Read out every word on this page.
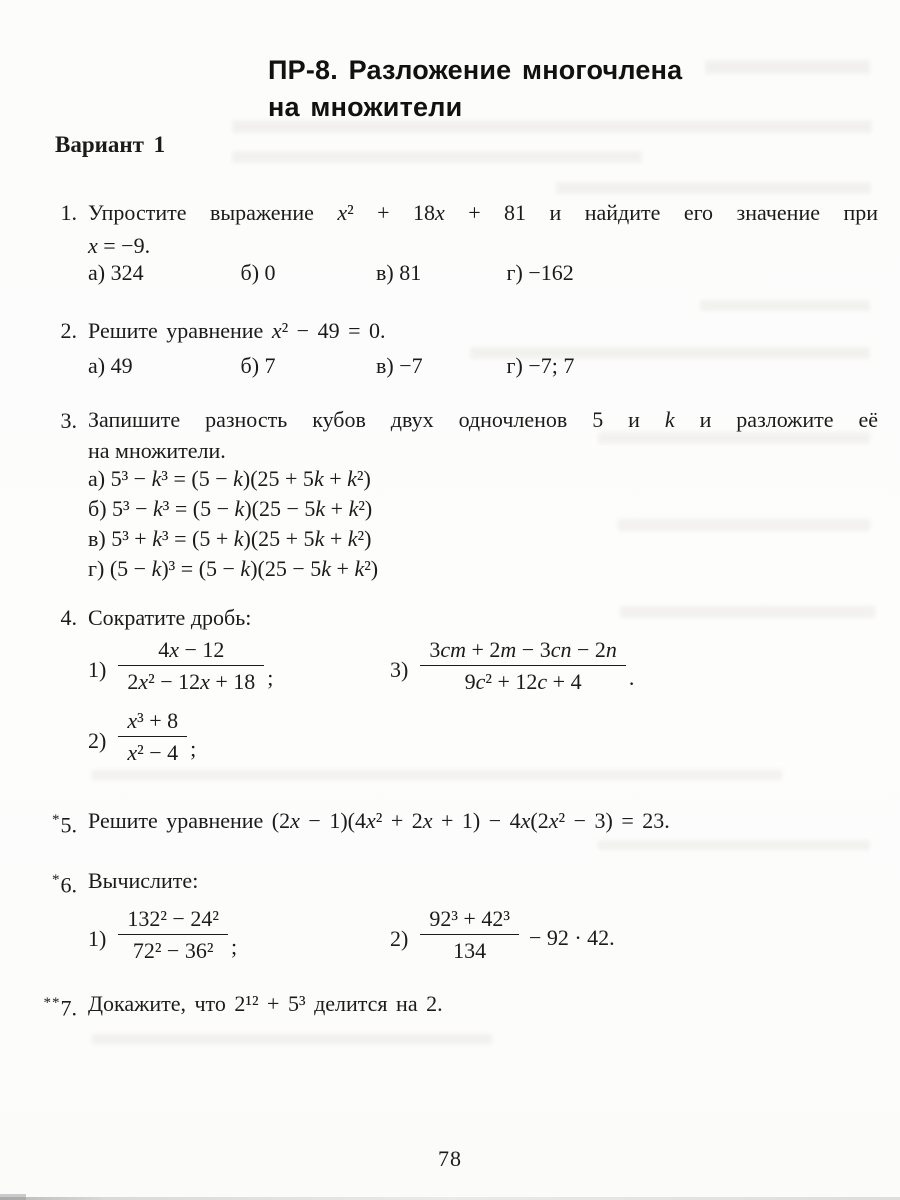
ПР-8. Разложение многочлена
на множители
Вариант 1
1. Упростите выражение x² + 18x + 81 и найдите его значение при
x = −9.
а) 324	б) 0	в) 81	г) −162
2. Решите уравнение x² − 49 = 0.
а) 49	б) 7	в) −7	г) −7; 7
3. Запишите разность кубов двух одночленов 5 и k и разложите её
на множители.
а) 5³ − k³ = (5 − k)(25 + 5k + k²)
б) 5³ − k³ = (5 − k)(25 − 5k + k²)
в) 5³ + k³ = (5 + k)(25 + 5k + k²)
г) (5 − k)³ = (5 − k)(25 − 5k + k²)
4. Сократите дробь:
$1) \frac{4x - 12}{\text{2x² − 12x + 18}}$ ;	$3) \frac{3cm + 2m - 3cn - 2n}{\text{9c² + 12c + 4}}$ .
$2) \frac{\text{x³ + 8}}{\text{x² − 4}}$ ;
*5. Решите уравнение (2x − 1)(4x² + 2x + 1) − 4x(2x² − 3) = 23.
*6. Вычислите:
$1) \frac{\text{132² − 24²}}{\text{72² − 36²}}$ ;	$2) \frac{\text{92³ + 42³}}{134} - 92 \cdot 42$.
**7. Докажите, что 2¹² + 5³ делится на 2.
78
